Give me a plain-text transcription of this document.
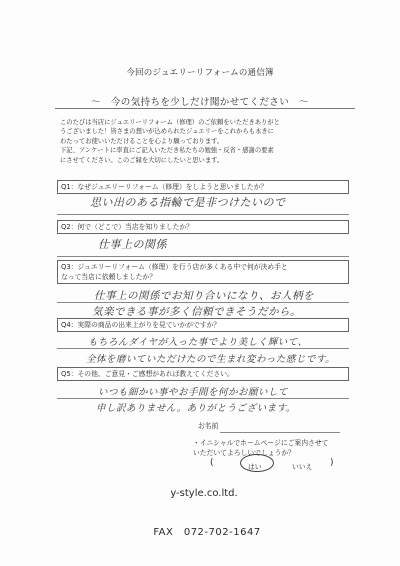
今回のジュエリーリフォームの通信簿
～　今の気持ちを少しだけ聞かせてください　～

このたびは当店にジュエリーリフォーム（修理）のご依頼をいただきありがと

うございました！皆さまの想いが込められたジュエリーをこれからも永きに

わたってお使いいただけることを心より願っております。

下記、アンケートに率直にご記入いただき私たちの勉強・反省・感謝の要素

にさせてください。このご縁を大切にしたいと思います。

Q1：なぜジュエリーリフォーム（修理）をしようと思いましたか？
思い出のある指輪で是非つけたいので
Q2：何で（どこで）当店を知りましたか？
仕事上の関係
Q3：ジュエリーリフォーム（修理）を行う店が多くある中で何が決め手と
なって当店に依頼しましたか？
仕事上の関係でお知り合いになり、お人柄を
気楽できる事が多く信頼できそうだから。
Q4：実際の商品の出来上がりを見ていかがですか？
もちろんダイヤが入った事でより美しく輝いて、
全体を磨いていただけたので生まれ変わった感じです。
Q5：その他、ご意見・ご感想があれば教えてください。
いつも細かい事やお手間を何かお願いして
申し訳ありません。ありがとうございます。
お名前
・イニシャルでホームページにご案内させて
いただいてよろしいでしょうか？
(	はい	いいえ )
y-style.co.ltd.
FAX　072-702-1647
